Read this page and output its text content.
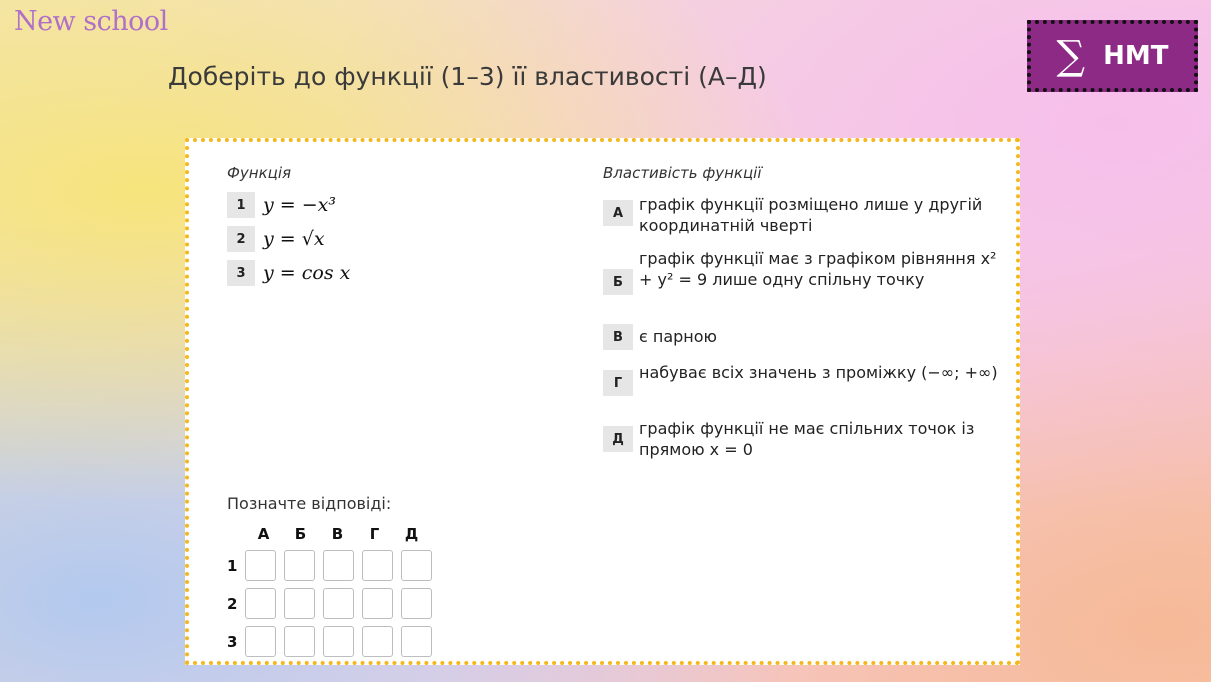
New school
∑ НМТ
Доберіть до функції (1–3) її властивості (А–Д)
Функція
1 y = −x³
2 y = √x
3 y = cos x
Властивість функції
А графік функції розміщено лише у другій координатній чверті
Б
графік функції має з графіком рівняння x² + y² = 9 лише одну спільну точку
В	є парною
Г
набуває всіх значень з проміжку (−∞; +∞)
Д
графік функції не має спільних точок із прямою x = 0
Позначте відповіді:
А	Б	В	Г	Д
1
2
3
